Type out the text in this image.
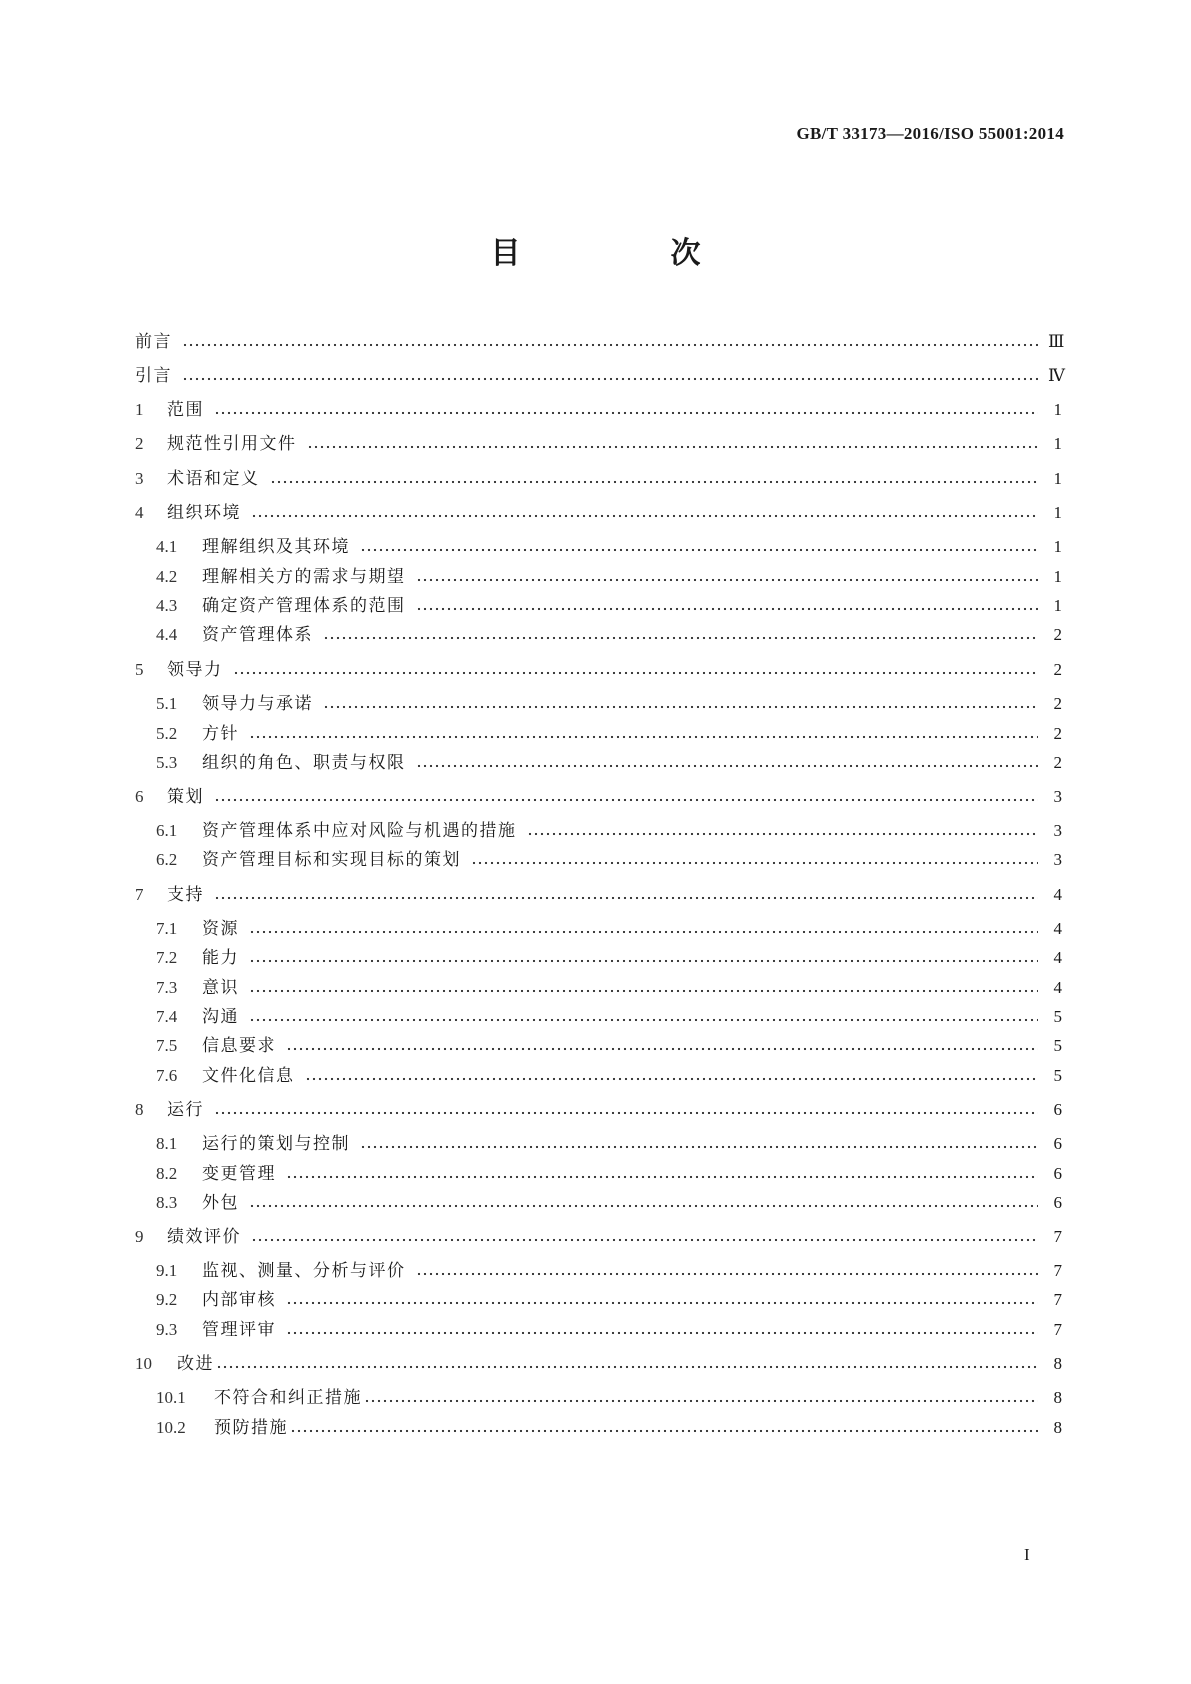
GB/T 33173—2016/ISO 55001:2014
目　次
前言	Ⅲ
引言	Ⅳ
1	范围	1
2	规范性引用文件	1
3	术语和定义	1
4	组织环境	1
4.1	理解组织及其环境	1
4.2	理解相关方的需求与期望	1
4.3	确定资产管理体系的范围	1
4.4	资产管理体系	2
5	领导力	2
5.1	领导力与承诺	2
5.2	方针	2
5.3	组织的角色、职责与权限	2
6	策划	3
6.1	资产管理体系中应对风险与机遇的措施	3
6.2	资产管理目标和实现目标的策划	3
7	支持	4
7.1	资源	4
7.2	能力	4
7.3	意识	4
7.4	沟通	5
7.5	信息要求	5
7.6	文件化信息	5
8	运行	6
8.1	运行的策划与控制	6
8.2	变更管理	6
8.3	外包	6
9	绩效评价	7
9.1	监视、测量、分析与评价	7
9.2	内部审核	7
9.3	管理评审	7
10	改进	8
10.1	不符合和纠正措施	8
10.2	预防措施	8
I
